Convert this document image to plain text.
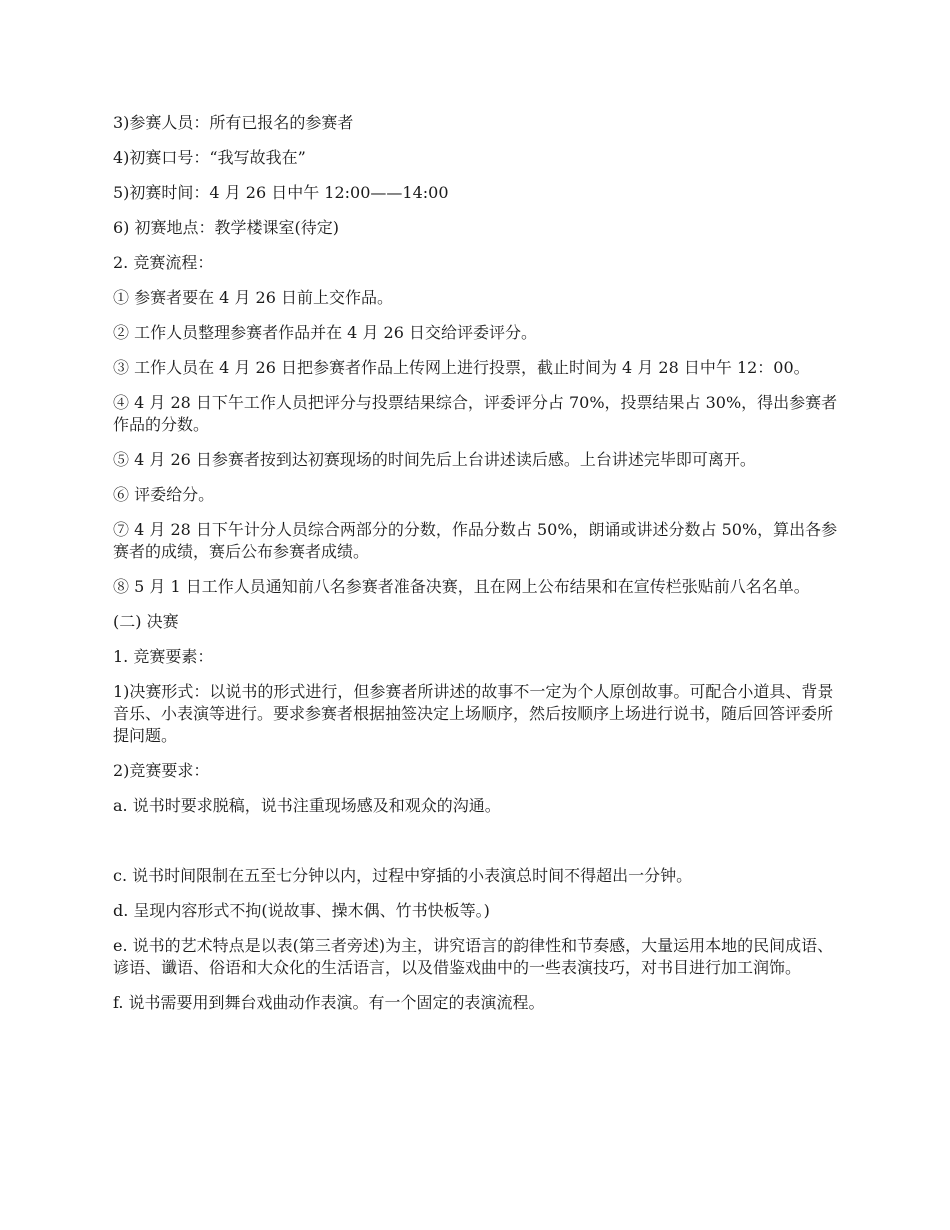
3)参赛人员：所有已报名的参赛者

4)初赛口号：“我写故我在”

5)初赛时间：4 月 26 日中午 12:00——14:00

6) 初赛地点：教学楼课室(待定)

2. 竞赛流程：

① 参赛者要在 4 月 26 日前上交作品。

② 工作人员整理参赛者作品并在 4 月 26 日交给评委评分。

③ 工作人员在 4 月 26 日把参赛者作品上传网上进行投票，截止时间为 4 月 28 日中午 12：00。

④ 4 月 28 日下午工作人员把评分与投票结果综合，评委评分占 70%，投票结果占 30%，得出参赛者作品的分数。

⑤ 4 月 26 日参赛者按到达初赛现场的时间先后上台讲述读后感。上台讲述完毕即可离开。

⑥ 评委给分。

⑦ 4 月 28 日下午计分人员综合两部分的分数，作品分数占 50%，朗诵或讲述分数占 50%，算出各参赛者的成绩，赛后公布参赛者成绩。

⑧ 5 月 1 日工作人员通知前八名参赛者准备决赛，且在网上公布结果和在宣传栏张贴前八名名单。

(二) 决赛

1. 竞赛要素：

1)决赛形式：以说书的形式进行，但参赛者所讲述的故事不一定为个人原创故事。可配合小道具、背景音乐、小表演等进行。要求参赛者根据抽签决定上场顺序，然后按顺序上场进行说书，随后回答评委所提问题。

2)竞赛要求：

a. 说书时要求脱稿，说书注重现场感及和观众的沟通。

c. 说书时间限制在五至七分钟以内，过程中穿插的小表演总时间不得超出一分钟。

d. 呈现内容形式不拘(说故事、操木偶、竹书快板等。)

e. 说书的艺术特点是以表(第三者旁述)为主，讲究语言的韵律性和节奏感，大量运用本地的民间成语、谚语、谶语、俗语和大众化的生活语言，以及借鉴戏曲中的一些表演技巧，对书目进行加工润饰。

f. 说书需要用到舞台戏曲动作表演。有一个固定的表演流程。
